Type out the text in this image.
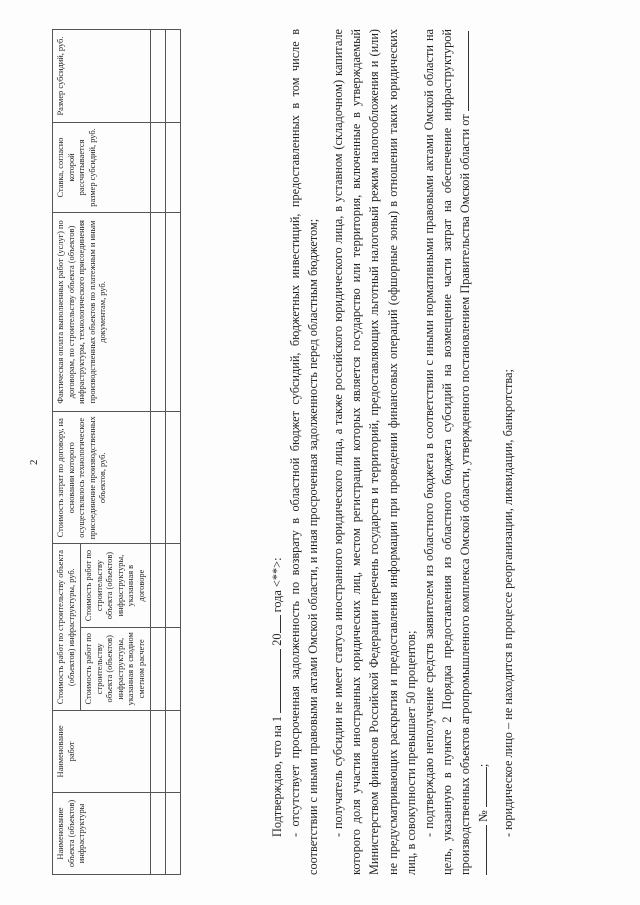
2
Наименование объекта (объектов) инфраструктуры	Наименование работ	Стоимость работ по строительству объекта (объектов) инфраструктуры, руб.		Стоимость затрат по договору, на основании которого осуществлялось технологическое присоединение производственных объектов, руб.	Фактическая оплата выполненных работ (услуг) по договорам, по строительству объекта (объектов) инфраструктуры, технологического присоединения производственных объектов по платежным и иным документам, руб.	Ставка, согласно которой рассчитывается размер субсидий, руб.	Размер субсидий, руб.
		Стоимость работ по строительству объекта (объектов) инфраструктуры, указанная в сводном сметном расчете	Стоимость работ по строительству объекта (объектов) инфраструктуры, указанная в договоре				

Подтверждаю, что на 1  20 года <**>: - отсутствует просроченная задолженность по возврату в областной бюджет субсидий, бюджетных инвестиций, предоставленных в том числе в соответствии с иными правовыми актами Омской области, и иная просроченная задолженность перед областным бюджетом; - получатель субсидии не имеет статуса иностранного юридического лица, а также российского юридического лица, в уставном (складочном) капитале которого доля участия иностранных юридических лиц, местом регистрации которых является государство или территория, включенные в утверждаемый Министерством финансов Российской Федерации перечень государств и территорий, предоставляющих льготный налоговый режим налогообложения и (или) не предусматривающих раскрытия и предоставления информации при проведении финансовых операций (офшорные зоны) в отношении таких юридических лиц, в совокупности превышает 50 процентов; - подтверждаю неполучение средств заявителем из областного бюджета в соответствии с иными нормативными правовыми актами Омской области на цель, указанную в пункте 2 Порядка предоставления из областного бюджета субсидий на возмещение части затрат на обеспечение инфраструктурой производственных объектов агропромышленного комплекса Омской области, утвержденного постановлением Правительства Омской области от № ; - юридическое лицо – не находится в процессе реорганизации, ликвидации, банкротства;
